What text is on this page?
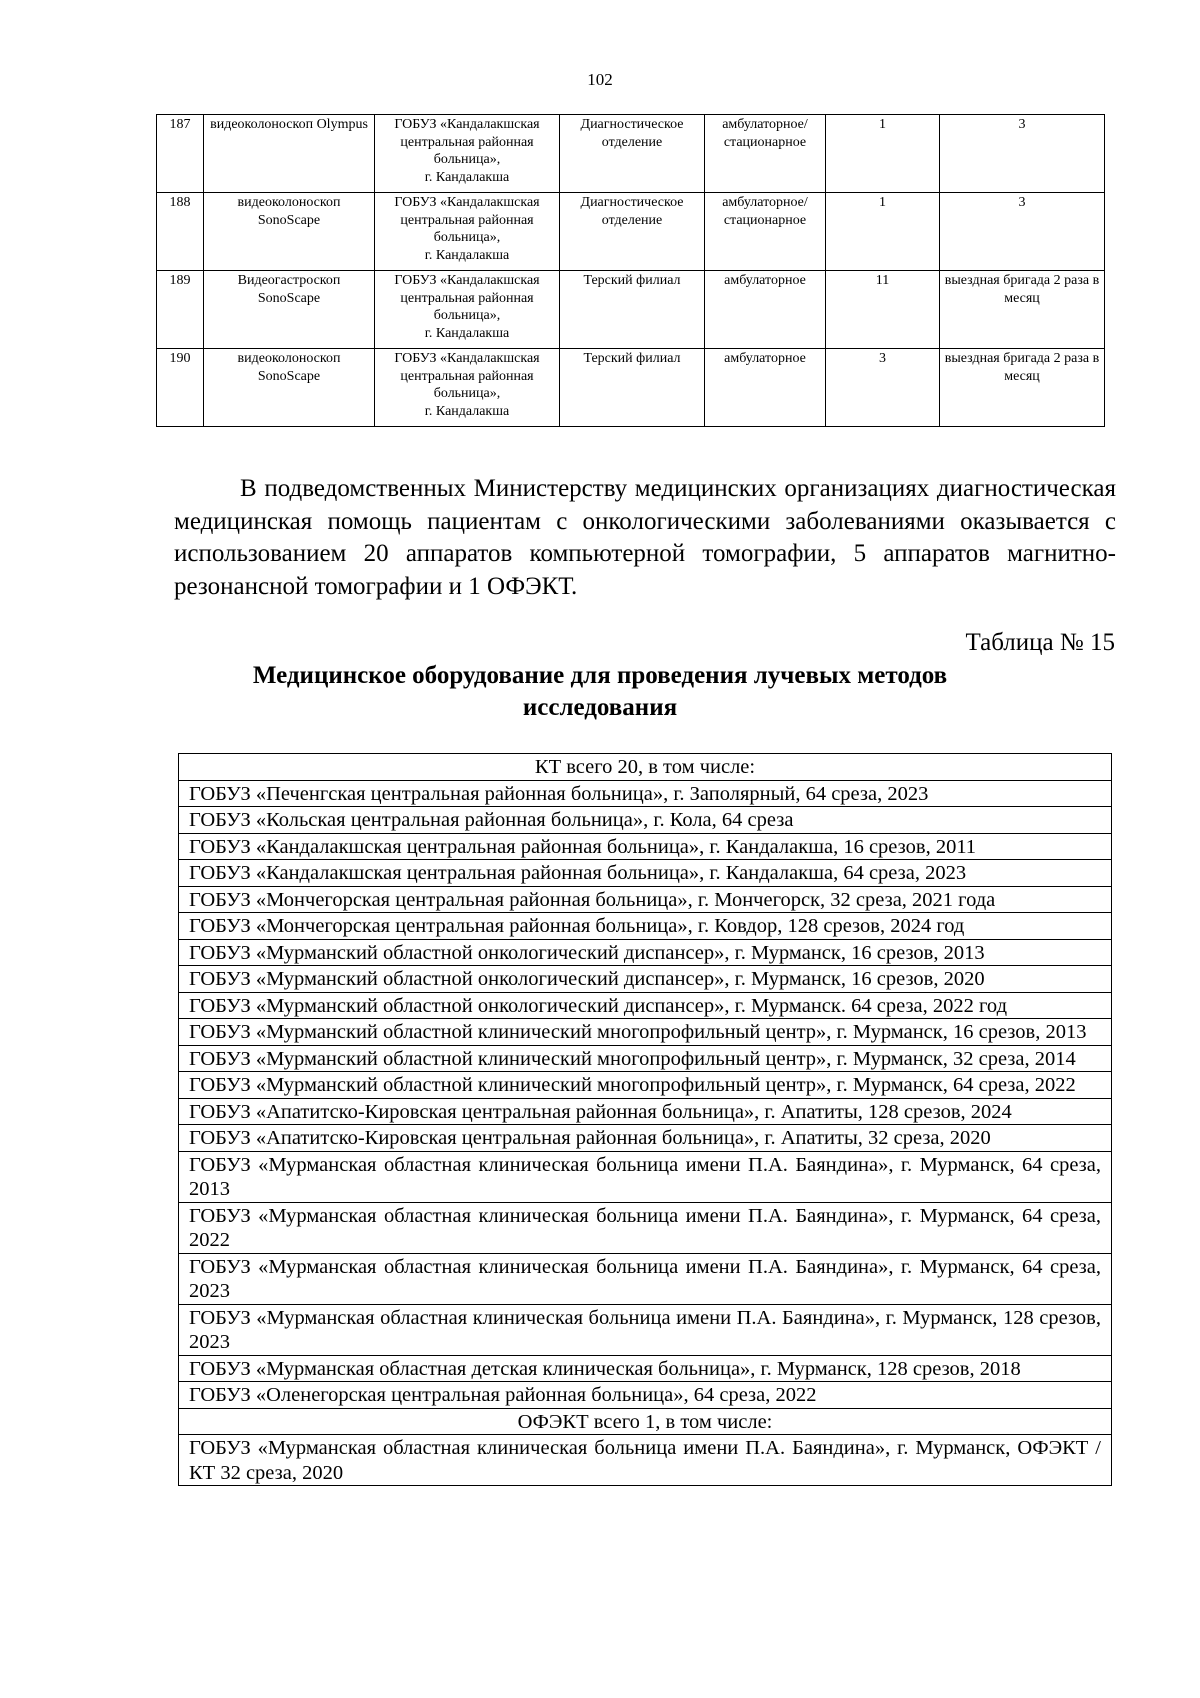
102
187	видеоколоноскоп Olympus	ГОБУЗ «Кандалакшская
центральная районная
больница»,
г. Кандалакша	Диагностическое отделение	амбулаторное/ стационарное	1	3
188	видеоколоноскоп SonoScape	ГОБУЗ «Кандалакшская
центральная районная
больница»,
г. Кандалакша	Диагностическое отделение	амбулаторное/ стационарное	1	3
189	Видеогастроскоп SonoScape	ГОБУЗ «Кандалакшская
центральная районная
больница»,
г. Кандалакша	Терский филиал	амбулаторное	11	выездная бригада 2 раза в месяц
190	видеоколоноскоп SonoScape	ГОБУЗ «Кандалакшская
центральная районная
больница»,
г. Кандалакша	Терский филиал	амбулаторное	3	выездная бригада 2 раза в месяц

В подведомственных Министерству медицинских организациях диагностическая медицинская помощь пациентам с онкологическими заболеваниями оказывается с использованием 20 аппаратов компьютерной томографии, 5 аппаратов магнитно-резонансной томографии и 1 ОФЭКТ.

Таблица № 15

Медицинское оборудование для проведения лучевых методов
исследования
КТ всего 20, в том числе:
ГОБУЗ «Печенгская центральная районная больница», г. Заполярный, 64 среза, 2023
ГОБУЗ «Кольская центральная районная больница», г. Кола, 64 среза
ГОБУЗ «Кандалакшская центральная районная больница», г. Кандалакша, 16 срезов, 2011
ГОБУЗ «Кандалакшская центральная районная больница», г. Кандалакша, 64 среза, 2023
ГОБУЗ «Мончегорская центральная районная больница», г. Мончегорск, 32 среза, 2021 года
ГОБУЗ «Мончегорская центральная районная больница», г. Ковдор, 128 срезов, 2024 год
ГОБУЗ «Мурманский областной онкологический диспансер», г. Мурманск, 16 срезов, 2013
ГОБУЗ «Мурманский областной онкологический диспансер», г. Мурманск, 16 срезов, 2020
ГОБУЗ «Мурманский областной онкологический диспансер», г. Мурманск. 64 среза, 2022 год
ГОБУЗ «Мурманский областной клинический многопрофильный центр», г. Мурманск, 16 срезов, 2013
ГОБУЗ «Мурманский областной клинический многопрофильный центр», г. Мурманск, 32 среза, 2014
ГОБУЗ «Мурманский областной клинический многопрофильный центр», г. Мурманск, 64 среза, 2022
ГОБУЗ «Апатитско-Кировская центральная районная больница», г. Апатиты, 128 срезов, 2024
ГОБУЗ «Апатитско-Кировская центральная районная больница», г. Апатиты, 32 среза, 2020
ГОБУЗ «Мурманская областная клиническая больница имени П.А. Баяндина», г. Мурманск, 64 среза, 2013
ГОБУЗ «Мурманская областная клиническая больница имени П.А. Баяндина», г. Мурманск, 64 среза, 2022
ГОБУЗ «Мурманская областная клиническая больница имени П.А. Баяндина», г. Мурманск, 64 среза, 2023
ГОБУЗ «Мурманская областная клиническая больница имени П.А. Баяндина», г. Мурманск, 128 срезов, 2023
ГОБУЗ «Мурманская областная детская клиническая больница», г. Мурманск, 128 срезов, 2018
ГОБУЗ «Оленегорская центральная районная больница», 64 среза, 2022
ОФЭКТ всего 1, в том числе:
ГОБУЗ «Мурманская областная клиническая больница имени П.А. Баяндина», г. Мурманск, ОФЭКТ / КТ 32 среза, 2020
